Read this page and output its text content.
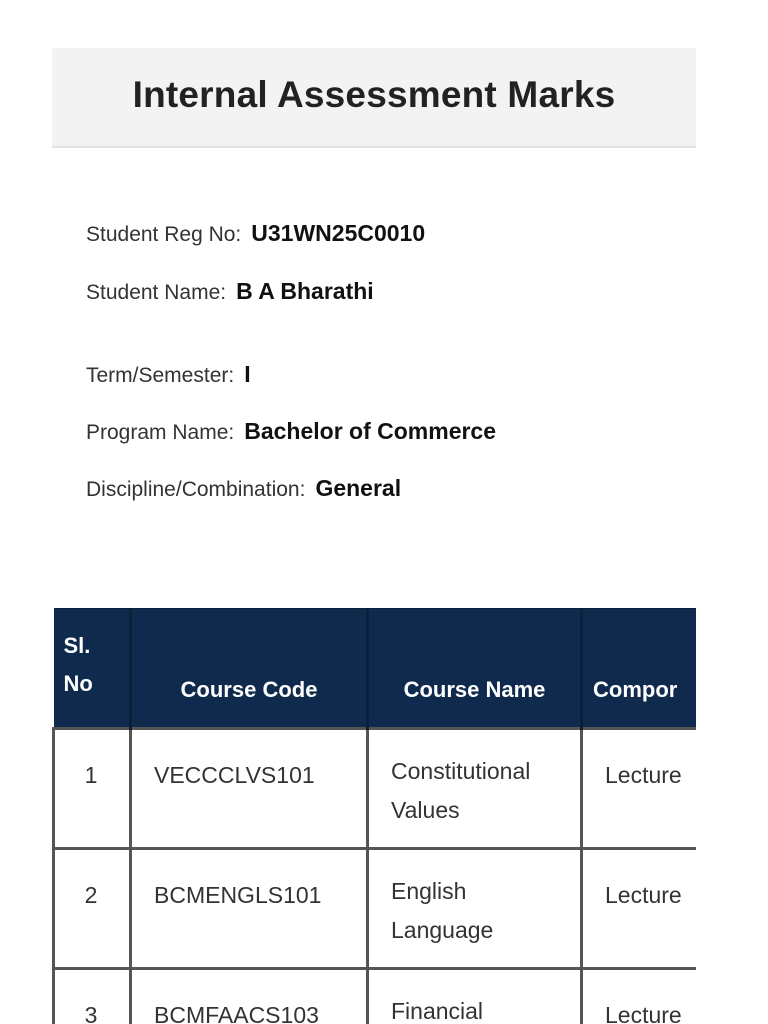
Internal Assessment Marks
Student Reg No: U31WN25C0010
Student Name: B A Bharathi
Term/Semester: I
Program Name: Bachelor of Commerce
Discipline/Combination: General
Sl. No	Course Code	Course Name	Compor
1	VECCCLVS101	Constitutional Values	Lecture
2	BCMENGLS101	English Language	Lecture
3	BCMFAACS103	Financial	Lecture
